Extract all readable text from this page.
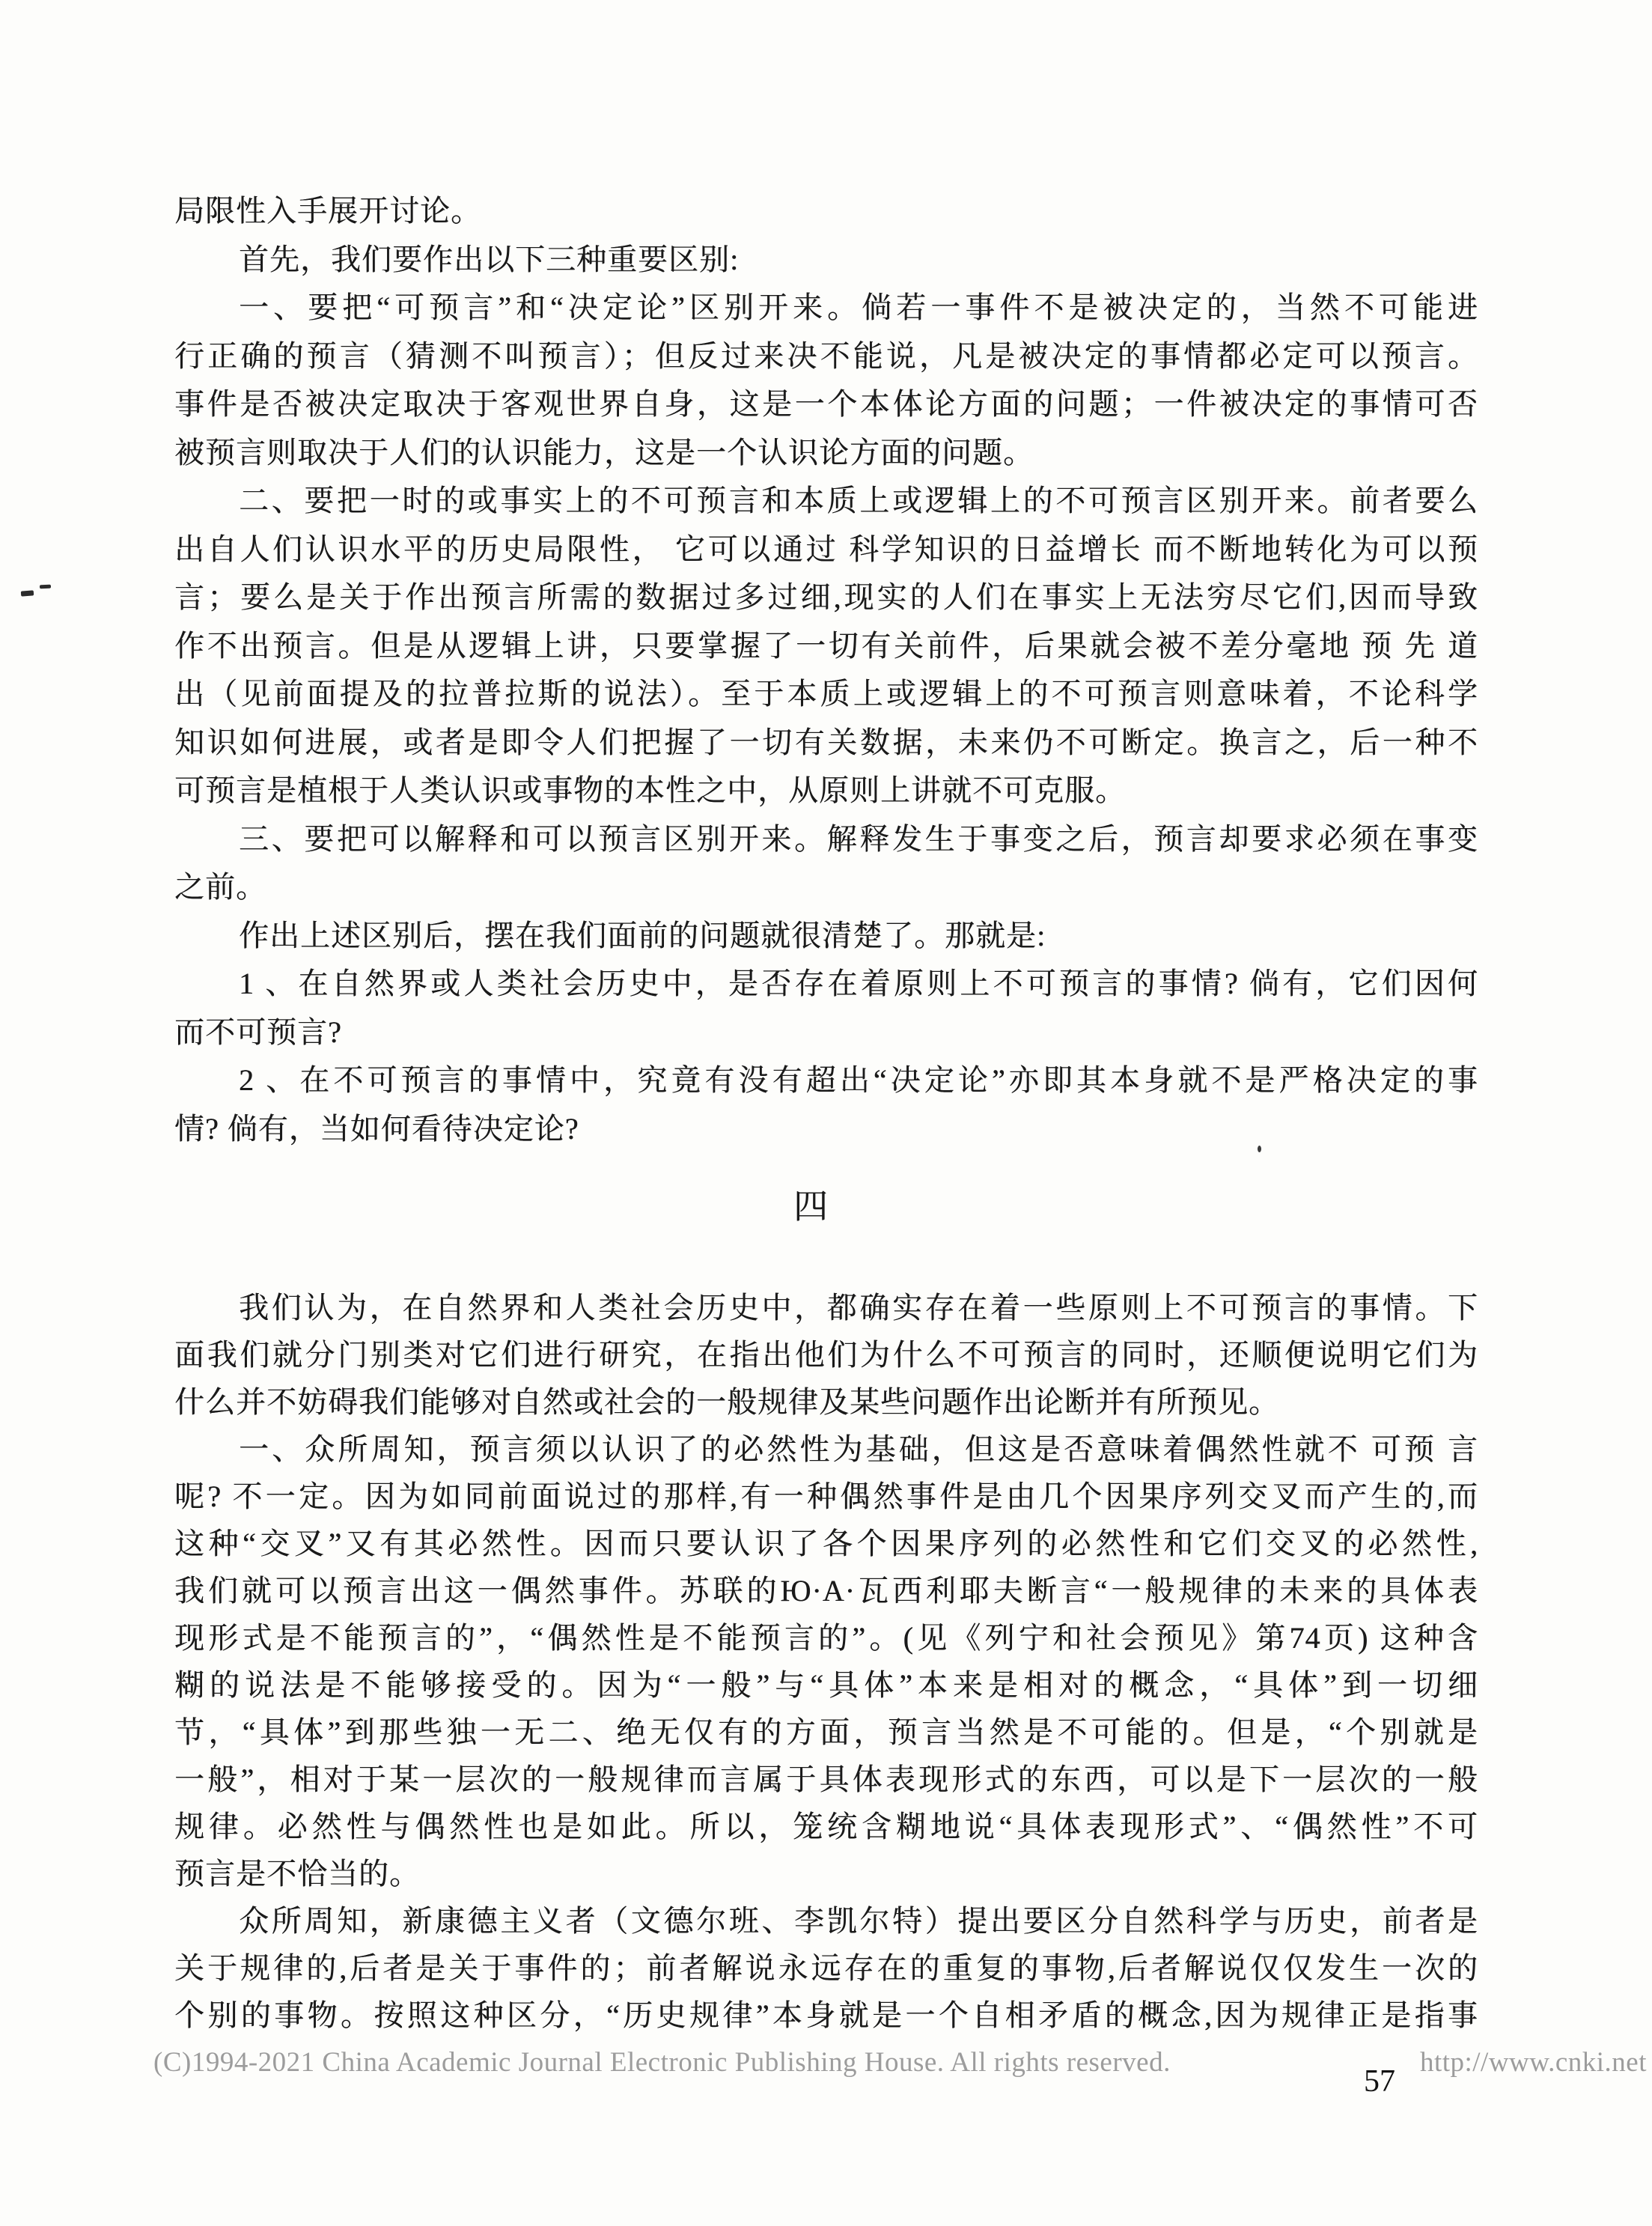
局限性入手展开讨论。
首先，我们要作出以下三种重要区别:
一、要把“可预言”和“决定论”区别开来。倘若一事件不是被决定的，当然不可能进
行正确的预言（猜测不叫预言）；但反过来决不能说，凡是被决定的事情都必定可以预言。
事件是否被决定取决于客观世界自身，这是一个本体论方面的问题；一件被决定的事情可否
被预言则取决于人们的认识能力，这是一个认识论方面的问题。
二、要把一时的或事实上的不可预言和本质上或逻辑上的不可预言区别开来。前者要么
出自人们认识水平的历史局限性， 它可以通过 科学知识的日益增长 而不断地转化为可以预
言；要么是关于作出预言所需的数据过多过细,现实的人们在事实上无法穷尽它们,因而导致
作不出预言。但是从逻辑上讲，只要掌握了一切有关前件，后果就会被不差分毫地 预 先 道
出（见前面提及的拉普拉斯的说法）。至于本质上或逻辑上的不可预言则意味着，不论科学
知识如何进展，或者是即令人们把握了一切有关数据，未来仍不可断定。换言之，后一种不
可预言是植根于人类认识或事物的本性之中，从原则上讲就不可克服。
三、要把可以解释和可以预言区别开来。解释发生于事变之后，预言却要求必须在事变
之前。
作出上述区别后，摆在我们面前的问题就很清楚了。那就是:
1 、在自然界或人类社会历史中，是否存在着原则上不可预言的事情? 倘有，它们因何
而不可预言?
2 、在不可预言的事情中，究竟有没有超出“决定论”亦即其本身就不是严格决定的事
情? 倘有，当如何看待决定论?
四
我们认为，在自然界和人类社会历史中，都确实存在着一些原则上不可预言的事情。下
面我们就分门别类对它们进行研究，在指出他们为什么不可预言的同时，还顺便说明它们为
什么并不妨碍我们能够对自然或社会的一般规律及某些问题作出论断并有所预见。
一、众所周知，预言须以认识了的必然性为基础，但这是否意味着偶然性就不 可预 言
呢? 不一定。因为如同前面说过的那样,有一种偶然事件是由几个因果序列交叉而产生的,而
这种“交叉”又有其必然性。因而只要认识了各个因果序列的必然性和它们交叉的必然性,
我们就可以预言出这一偶然事件。苏联的Ю·А·瓦西利耶夫断言“一般规律的未来的具体表
现形式是不能预言的”，“偶然性是不能预言的”。(见《列宁和社会预见》第74页) 这种含
糊的说法是不能够接受的。因为“一般”与“具体”本来是相对的概念，“具体”到一切细
节，“具体”到那些独一无二、绝无仅有的方面，预言当然是不可能的。但是，“个别就是
一般”，相对于某一层次的一般规律而言属于具体表现形式的东西，可以是下一层次的一般
规律。必然性与偶然性也是如此。所以，笼统含糊地说“具体表现形式”、“偶然性”不可
预言是不恰当的。
众所周知，新康德主义者（文德尔班、李凯尔特）提出要区分自然科学与历史，前者是
关于规律的,后者是关于事件的；前者解说永远存在的重复的事物,后者解说仅仅发生一次的
个别的事物。按照这种区分，“历史规律”本身就是一个自相矛盾的概念,因为规律正是指事
(C)1994-2021 China Academic Journal Electronic Publishing House. All rights reserved.	http://www.cnki.net
57
